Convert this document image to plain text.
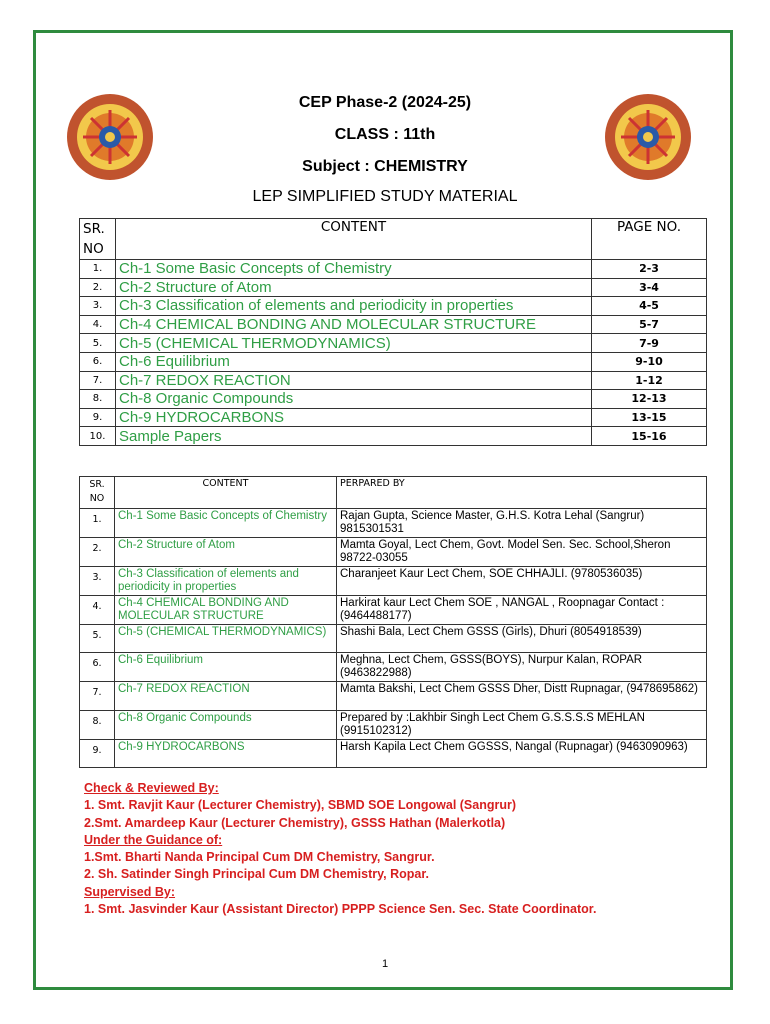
CEP Phase-2 (2024-25)
CLASS : 11th
Subject : CHEMISTRY
LEP SIMPLIFIED STUDY MATERIAL
SR. NO	CONTENT	PAGE NO.
1.	Ch-1 Some Basic Concepts of Chemistry	2-3
2.	Ch-2 Structure of Atom	3-4
3.	Ch-3 Classification of elements and periodicity in properties	4-5
4.	Ch-4 CHEMICAL BONDING AND MOLECULAR STRUCTURE	5-7
5.	Ch-5 (CHEMICAL THERMODYNAMICS)	7-9
6.	Ch-6 Equilibrium	9-10
7.	Ch-7 REDOX REACTION	1-12
8.	Ch-8 Organic Compounds	12-13
9.	Ch-9 HYDROCARBONS	13-15
10.	Sample Papers	15-16
SR. NO	CONTENT	PERPARED BY
1.	Ch-1 Some Basic Concepts of Chemistry	Rajan Gupta, Science Master, G.H.S. Kotra Lehal (Sangrur) 9815301531
2.	Ch-2 Structure of Atom	Mamta Goyal, Lect Chem, Govt. Model Sen. Sec. School,Sheron 98722-03055
3.	Ch-3 Classification of elements and periodicity in properties	Charanjeet Kaur Lect Chem, SOE CHHAJLI. (9780536035)
4.	Ch-4 CHEMICAL BONDING AND MOLECULAR STRUCTURE	Harkirat kaur Lect Chem SOE , NANGAL , Roopnagar Contact : (9464488177)
5.	Ch-5 (CHEMICAL THERMODYNAMICS)	Shashi Bala, Lect Chem GSSS (Girls), Dhuri (8054918539)
6.	Ch-6 Equilibrium	Meghna, Lect Chem, GSSS(BOYS), Nurpur Kalan, ROPAR (9463822988)
7.	Ch-7 REDOX REACTION	Mamta Bakshi, Lect Chem GSSS Dher, Distt Rupnagar, (9478695862)
8.	Ch-8 Organic Compounds	Prepared by :Lakhbir Singh Lect Chem G.S.S.S.S MEHLAN (9915102312)
9.	Ch-9 HYDROCARBONS	Harsh Kapila Lect Chem GGSSS, Nangal (Rupnagar) (9463090963)
Check & Reviewed By:
1. Smt. Ravjit Kaur (Lecturer Chemistry), SBMD SOE Longowal (Sangrur)
2.Smt. Amardeep Kaur (Lecturer Chemistry), GSSS Hathan (Malerkotla)
Under the Guidance of:
1.Smt. Bharti Nanda Principal Cum DM Chemistry, Sangrur.
2. Sh. Satinder Singh Principal Cum DM Chemistry, Ropar.
Supervised By:
1. Smt. Jasvinder Kaur (Assistant Director) PPPP Science Sen. Sec. State Coordinator.
1
